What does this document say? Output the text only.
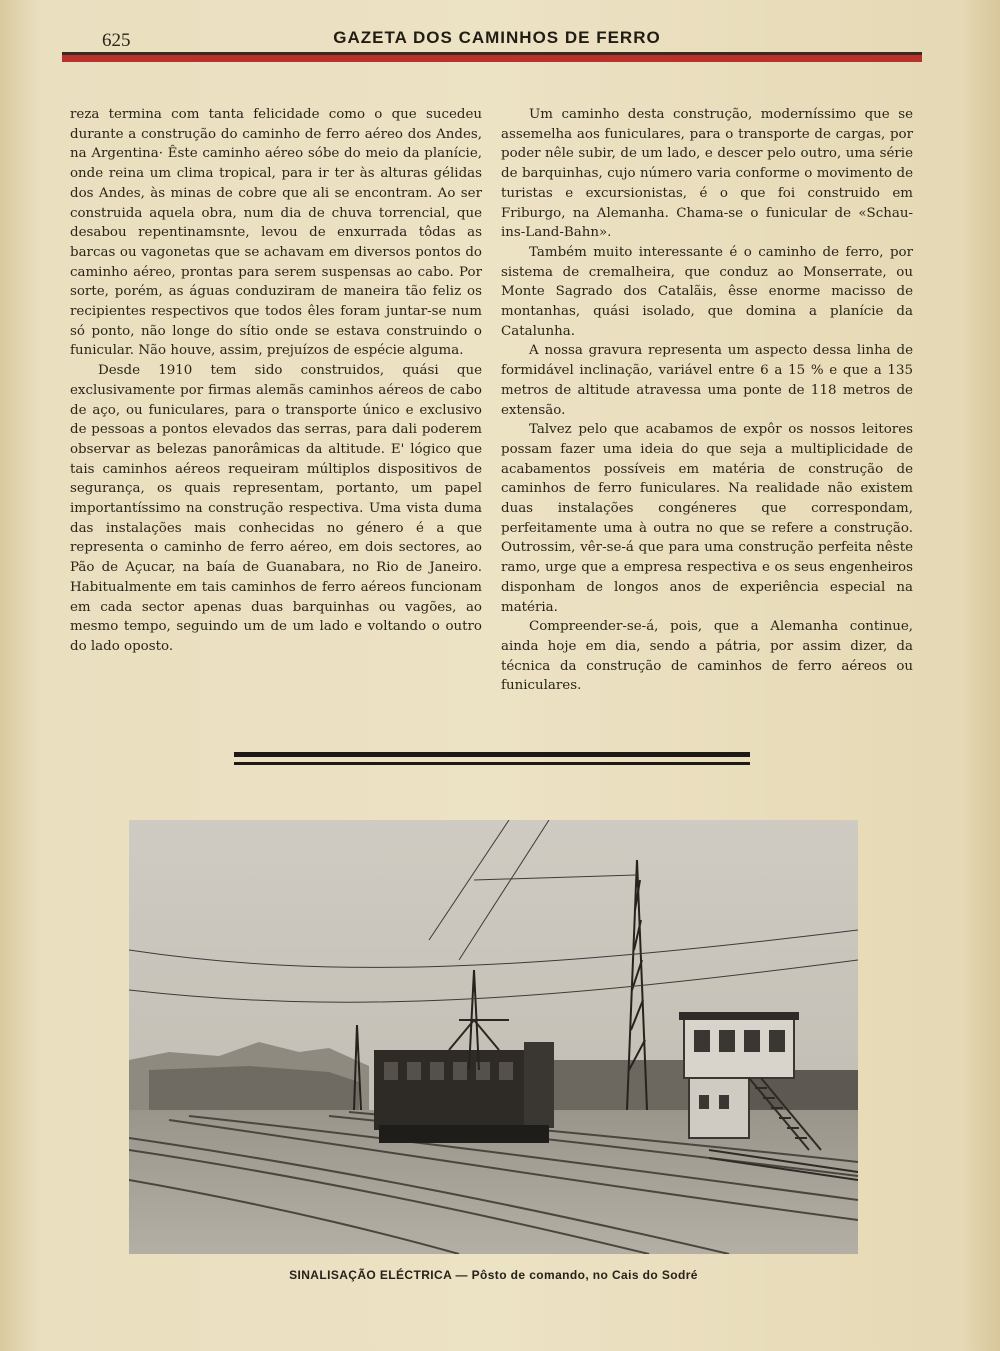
625	GAZETA DOS CAMINHOS DE FERRO

reza termina com tanta felicidade como o que sucedeu durante a construção do caminho de ferro aéreo dos Andes, na Argentina· Êste caminho aéreo sóbe do meio da planície, onde reina um clima tropical, para ir ter às alturas gélidas dos Andes, às minas de cobre que ali se encontram. Ao ser construida aquela obra, num dia de chuva torrencial, que desabou repentinamsnte, levou de enxurrada tôdas as barcas ou vagonetas que se achavam em diversos pontos do caminho aéreo, prontas para serem suspensas ao cabo. Por sorte, porém, as águas conduziram de maneira tão feliz os recipientes respectivos que todos êles foram juntar-se num só ponto, não longe do sítio onde se estava construindo o funicular. Não houve, assim, prejuízos de espécie alguma.

Desde 1910 tem sido construidos, quási que exclusivamente por firmas alemãs caminhos aéreos de cabo de aço, ou funiculares, para o transporte único e exclusivo de pessoas a pontos elevados das serras, para dali poderem observar as belezas panorâmicas da altitude. E' lógico que tais caminhos aéreos requeiram múltiplos dispositivos de segurança, os quais representam, portanto, um papel importantíssimo na construção respectiva. Uma vista duma das instalações mais conhecidas no género é a que representa o caminho de ferro aéreo, em dois sectores, ao Pão de Açucar, na baía de Guanabara, no Rio de Janeiro. Habitualmente em tais caminhos de ferro aéreos funcionam em cada sector apenas duas barquinhas ou vagões, ao mesmo tempo, seguindo um de um lado e voltando o outro do lado oposto.

Um caminho desta construção, moderníssimo que se assemelha aos funiculares, para o transporte de cargas, por poder nêle subir, de um lado, e descer pelo outro, uma série de barquinhas, cujo número varia conforme o movimento de turistas e excursionistas, é o que foi construido em Friburgo, na Alemanha. Chama-se o funicular de «Schau-ins-Land-Bahn».

Também muito interessante é o caminho de ferro, por sistema de cremalheira, que conduz ao Monserrate, ou Monte Sagrado dos Catalãis, êsse enorme macisso de montanhas, quási isolado, que domina a planície da Catalunha.

A nossa gravura representa um aspecto dessa linha de formidável inclinação, variável entre 6 a 15 % e que a 135 metros de altitude atravessa uma ponte de 118 metros de extensão.

Talvez pelo que acabamos de expôr os nossos leitores possam fazer uma ideia do que seja a multiplicidade de acabamentos possíveis em matéria de construção de caminhos de ferro funiculares. Na realidade não existem duas instalações congéneres que correspondam, perfeitamente uma à outra no que se refere a construção. Outrossim, vêr-se-á que para uma construção perfeita nêste ramo, urge que a empresa respectiva e os seus engenheiros disponham de longos anos de experiência especial na matéria.

Compreender-se-á, pois, que a Alemanha continue, ainda hoje em dia, sendo a pátria, por assim dizer, da técnica da construção de caminhos de ferro aéreos ou funiculares.

SINALISAÇÃO ELÉCTRICA — Pôsto de comando, no Cais do Sodré
